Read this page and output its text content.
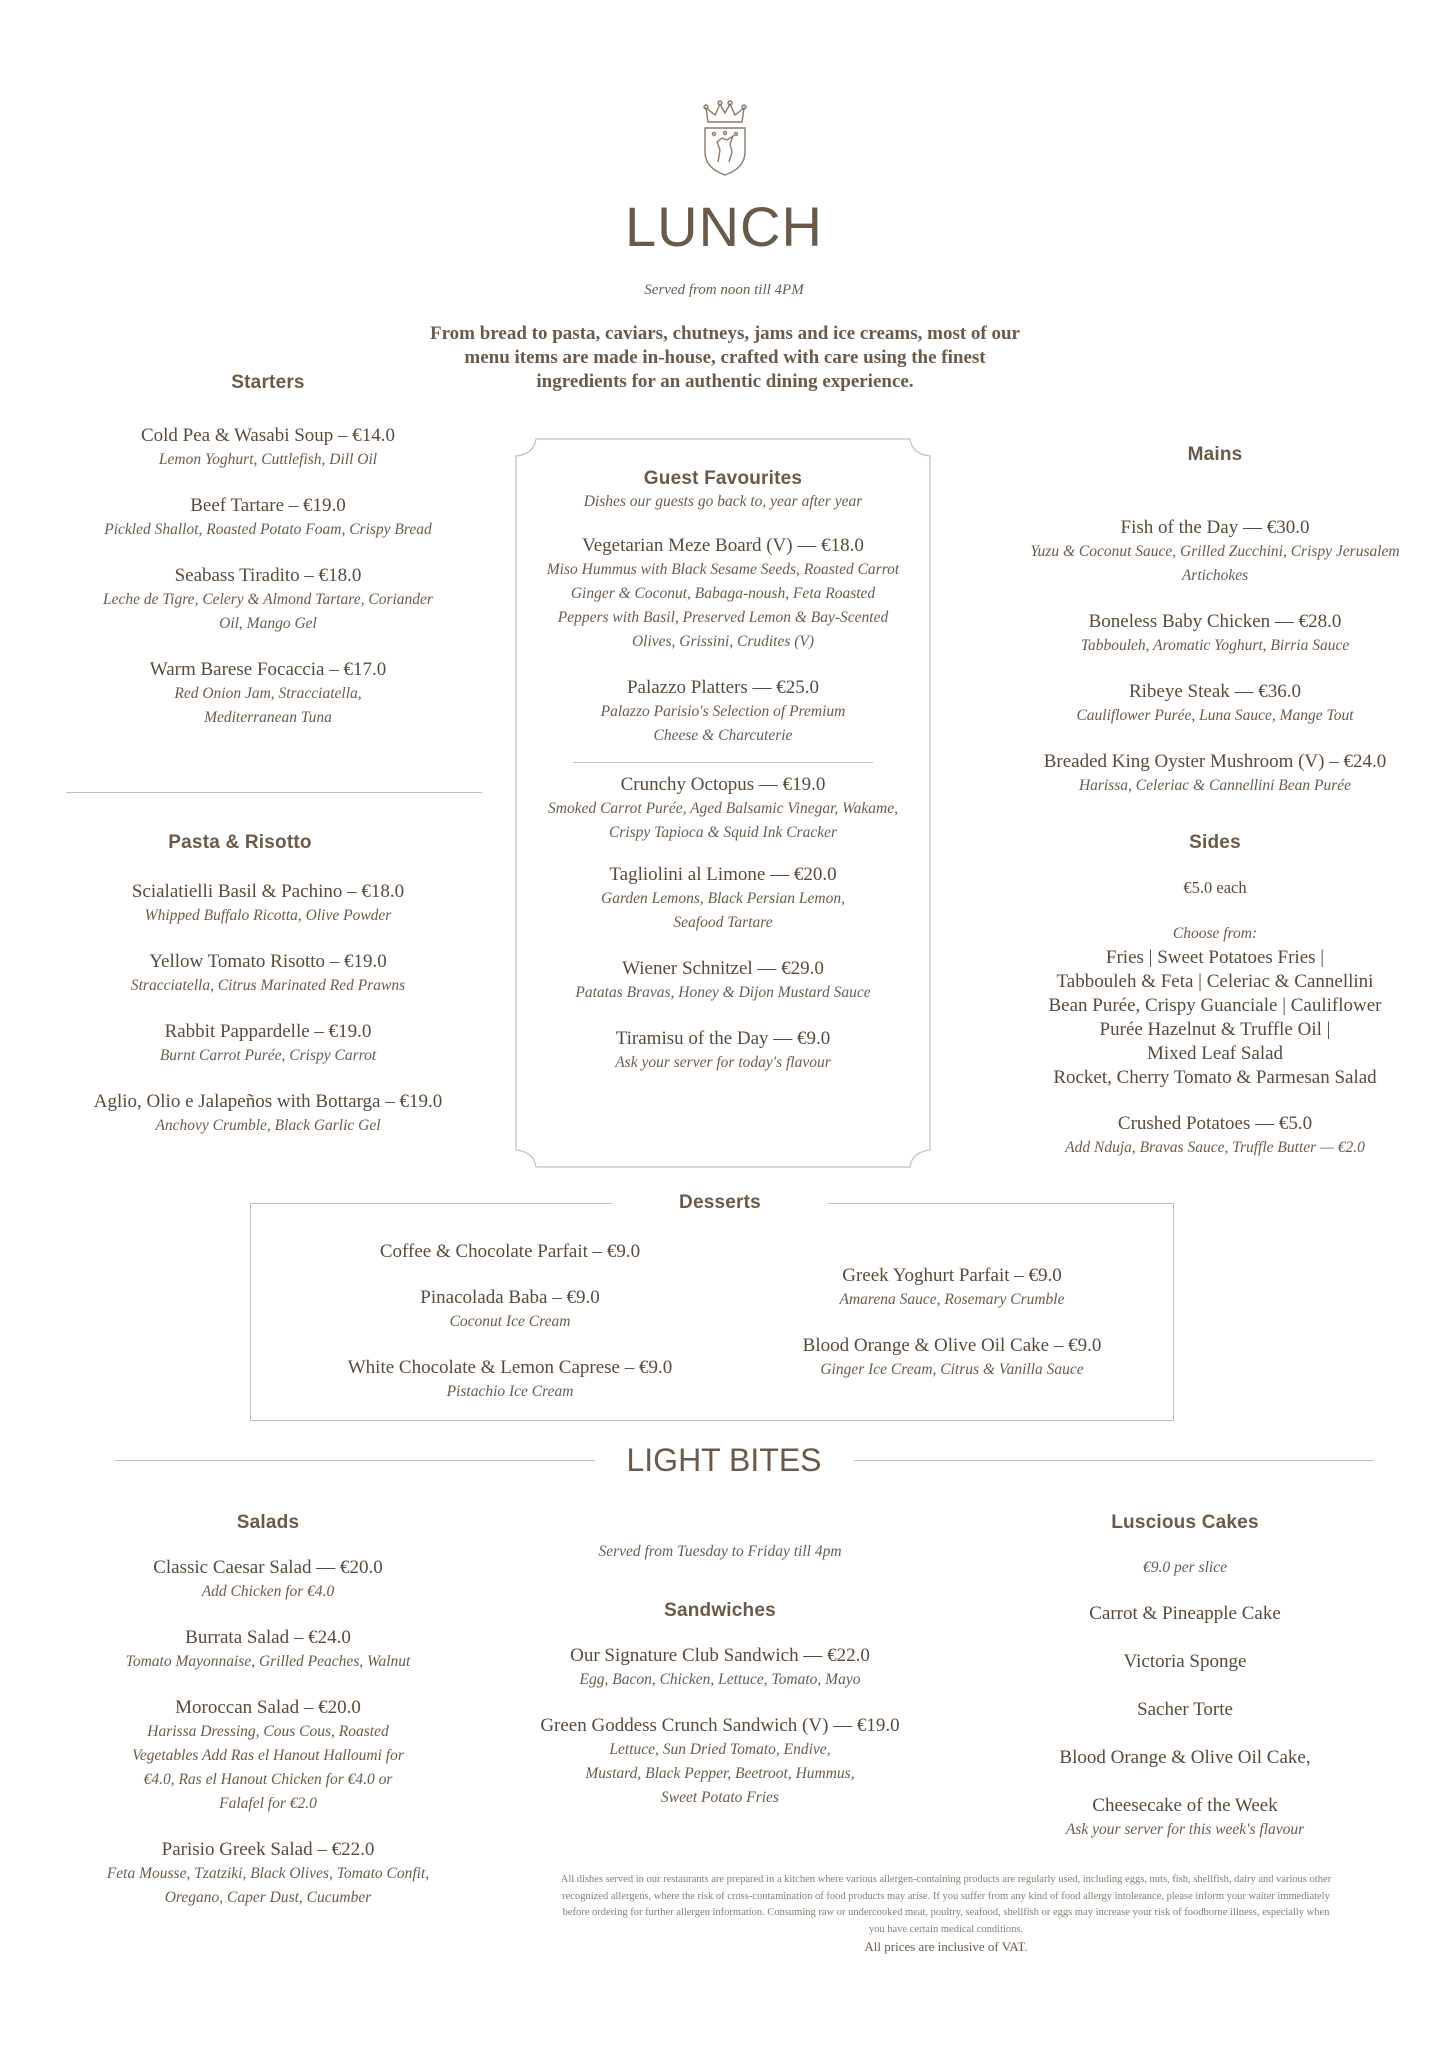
LUNCH
Served from noon till 4PM
From bread to pasta, caviars, chutneys, jams and ice creams, most of our menu items are made in-house, crafted with care using the finest ingredients for an authentic dining experience.
Starters
Cold Pea & Wasabi Soup – €14.0
Lemon Yoghurt, Cuttlefish, Dill Oil
Beef Tartare – €19.0
Pickled Shallot, Roasted Potato Foam, Crispy Bread
Seabass Tiradito – €18.0
Leche de Tigre, Celery & Almond Tartare, Coriander Oil, Mango Gel
Warm Barese Focaccia – €17.0
Red Onion Jam, Stracciatella, Mediterranean Tuna
Pasta & Risotto
Scialatielli Basil & Pachino – €18.0
Whipped Buffalo Ricotta, Olive Powder
Yellow Tomato Risotto – €19.0
Stracciatella, Citrus Marinated Red Prawns
Rabbit Pappardelle – €19.0
Burnt Carrot Purée, Crispy Carrot
Aglio, Olio e Jalapeños with Bottarga – €19.0
Anchovy Crumble, Black Garlic Gel
Guest Favourites
Dishes our guests go back to, year after year
Vegetarian Meze Board (V) — €18.0
Miso Hummus with Black Sesame Seeds, Roasted Carrot Ginger & Coconut, Babaga-noush, Feta Roasted Peppers with Basil, Preserved Lemon & Bay-Scented Olives, Grissini, Crudites (V)
Palazzo Platters — €25.0
Palazzo Parisio's Selection of Premium Cheese & Charcuterie
Crunchy Octopus — €19.0
Smoked Carrot Purée, Aged Balsamic Vinegar, Wakame, Crispy Tapioca & Squid Ink Cracker
Tagliolini al Limone — €20.0
Garden Lemons, Black Persian Lemon, Seafood Tartare
Wiener Schnitzel — €29.0
Patatas Bravas, Honey & Dijon Mustard Sauce
Tiramisu of the Day — €9.0
Ask your server for today's flavour
Mains
Fish of the Day — €30.0
Yuzu & Coconut Sauce, Grilled Zucchini, Crispy Jerusalem Artichokes
Boneless Baby Chicken — €28.0
Tabbouleh, Aromatic Yoghurt, Birria Sauce
Ribeye Steak — €36.0
Cauliflower Purée, Luna Sauce, Mange Tout
Breaded King Oyster Mushroom (V) – €24.0
Harissa, Celeriac & Cannellini Bean Purée
Sides
€5.0 each
Choose from:
Fries | Sweet Potatoes Fries |
Tabbouleh & Feta | Celeriac & Cannellini
Bean Purée, Crispy Guanciale | Cauliflower
Purée Hazelnut & Truffle Oil |
Mixed Leaf Salad
Rocket, Cherry Tomato & Parmesan Salad
Crushed Potatoes — €5.0
Add Nduja, Bravas Sauce, Truffle Butter — €2.0
Desserts
Coffee & Chocolate Parfait – €9.0
Pinacolada Baba – €9.0
Coconut Ice Cream
White Chocolate & Lemon Caprese – €9.0
Pistachio Ice Cream
Greek Yoghurt Parfait – €9.0
Amarena Sauce, Rosemary Crumble
Blood Orange & Olive Oil Cake – €9.0
Ginger Ice Cream, Citrus & Vanilla Sauce
LIGHT BITES
Salads
Classic Caesar Salad — €20.0
Add Chicken for €4.0
Burrata Salad – €24.0
Tomato Mayonnaise, Grilled Peaches, Walnut
Moroccan Salad – €20.0
Harissa Dressing, Cous Cous, Roasted Vegetables Add Ras el Hanout Halloumi for €4.0, Ras el Hanout Chicken for €4.0 or Falafel for €2.0
Parisio Greek Salad – €22.0
Feta Mousse, Tzatziki, Black Olives, Tomato Confit, Oregano, Caper Dust, Cucumber
Served from Tuesday to Friday till 4pm
Sandwiches
Our Signature Club Sandwich — €22.0
Egg, Bacon, Chicken, Lettuce, Tomato, Mayo
Green Goddess Crunch Sandwich (V) — €19.0
Lettuce, Sun Dried Tomato, Endive, Mustard, Black Pepper, Beetroot, Hummus, Sweet Potato Fries
Luscious Cakes
€9.0 per slice
Carrot & Pineapple Cake
Victoria Sponge
Sacher Torte
Blood Orange & Olive Oil Cake,
Cheesecake of the Week
Ask your server for this week's flavour
All dishes served in our restaurants are prepared in a kitchen where various allergen-containing products are regularly used, including eggs, nuts, fish, shellfish, dairy and various other recognized allergens, where the risk of cross-contamination of food products may arise. If you suffer from any kind of food allergy intolerance, please inform your waiter immediately before ordering for further allergen information. Consuming raw or undercooked meat, poultry, seafood, shellfish or eggs may increase your risk of foodborne illness, especially when you have certain medical conditions.
All prices are inclusive of VAT.
